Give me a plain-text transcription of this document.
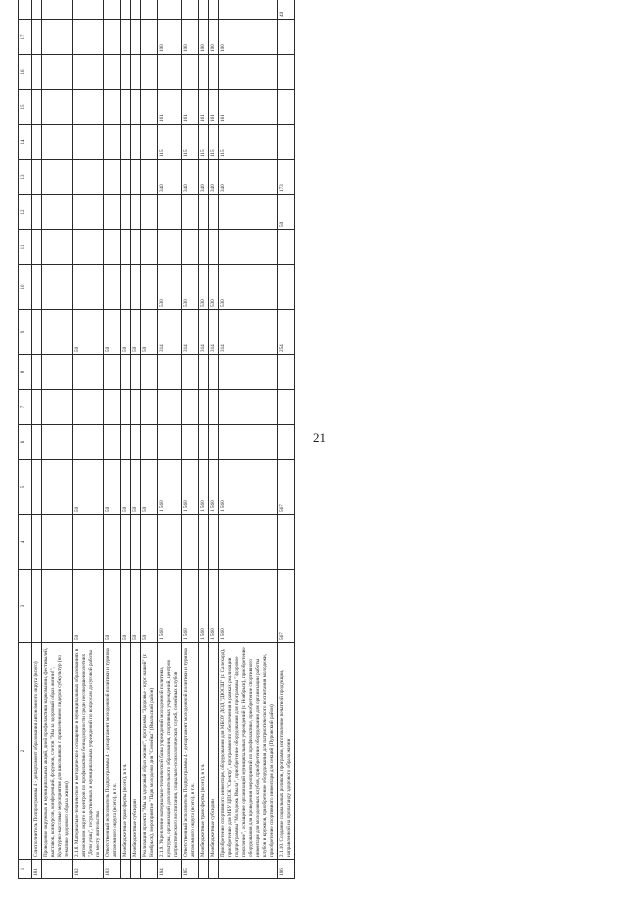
21
1	2	3	4	5	6	7	8	9	10	11	12	13	14	15	16	17	
181	Соисполнитель Полпрограммы 4 - департамент образования автономного округа (всего)																	
	Проведение окружных и муниципальных акций, дней профилактики наркомании, фестивалей, выставок, конкурсов, конференций, форумов, слетов "Мы за здоровый образ жизни!", Культурно-массовые мероприятия для школьников с привлечением лидеров субкультур (по тематике здорового образа жизни)																	
182	2.1.8. Материально-техническое и методическое оснащение в муниципальных образованиях в автономном округе и центров по профилактике безнадзорности среди несовершеннолетних "Дети улиц", государственных и муниципальных учреждений по вопросам досуговой работы по месту жительства	50		50				50										
183	Ответственный исполнитель Подпрограммы 4 - департамент молодежной политики и туризма автономного округа (всего), в т.ч.	50		50				50										
	Межбюджетные трансферты (всего), в т.ч.	50		50				50										
	Межбюджетные субсидии	50		50				50										
	Реализация проекта "Мы за здоровый образ жизни!", программа "Здоровье - курс нашей" (г. Ноябрьск), мероприятие "Парк молодежи дня "Семейка" (Ямальский район)	50		50				50										
184	2.1.9. Укрепление материально-технической базы учреждений молодежной политики, культуры, организаций дополнительного образования, спортивных учреждений, центров патриотического воспитания, социально-психологических служб, семейных клубов	1 560		1 560				314	530			340	115	161		100		
185	Ответственный исполнитель Подпрограммы 4 - департамент молодежной политики и туризма автономного округа (всего), в т.ч.	1 560		1 560				314	530			340	115	161		100		
	Межбюджетные трансферты (всего), в т.ч.	1 560		1 560				314	530			340	115	161		100		
	Межбюджетные субсидии	1 560		1 560				314	530			340	115	161		100		
	Приобретение спортивного инвентаря, оборудования для МБОУ ДОД "ДЮСШ" (г. Салехард), приобретение для МБУ ЦПСК "Спектр", программного обеспечения в рамках реализации подпрограммы "Молодежь Ямала", приобретение оборудования для программы "Здоровое поколение", оснащение организаций муниципальных учреждений (г. Ноябрьск), приобретение оборудования для проведения мероприятий по профилактике, приобретение спортивного инвентаря для молодежных клубов, приобретение оборудования для организации работы клубов и кружков, приобретение оборудования для патриотического воспитания молодежи, приобретение спортивного инвентаря для секций (Пуровский район)	1 560		1 560				314	530			340	115	161		100		
186	2.1.10. Создание социальных роликов, программ, изготовление печатной продукции, направленной на пропаганду здорового образа жизни	567		567				254			50	173					40	
